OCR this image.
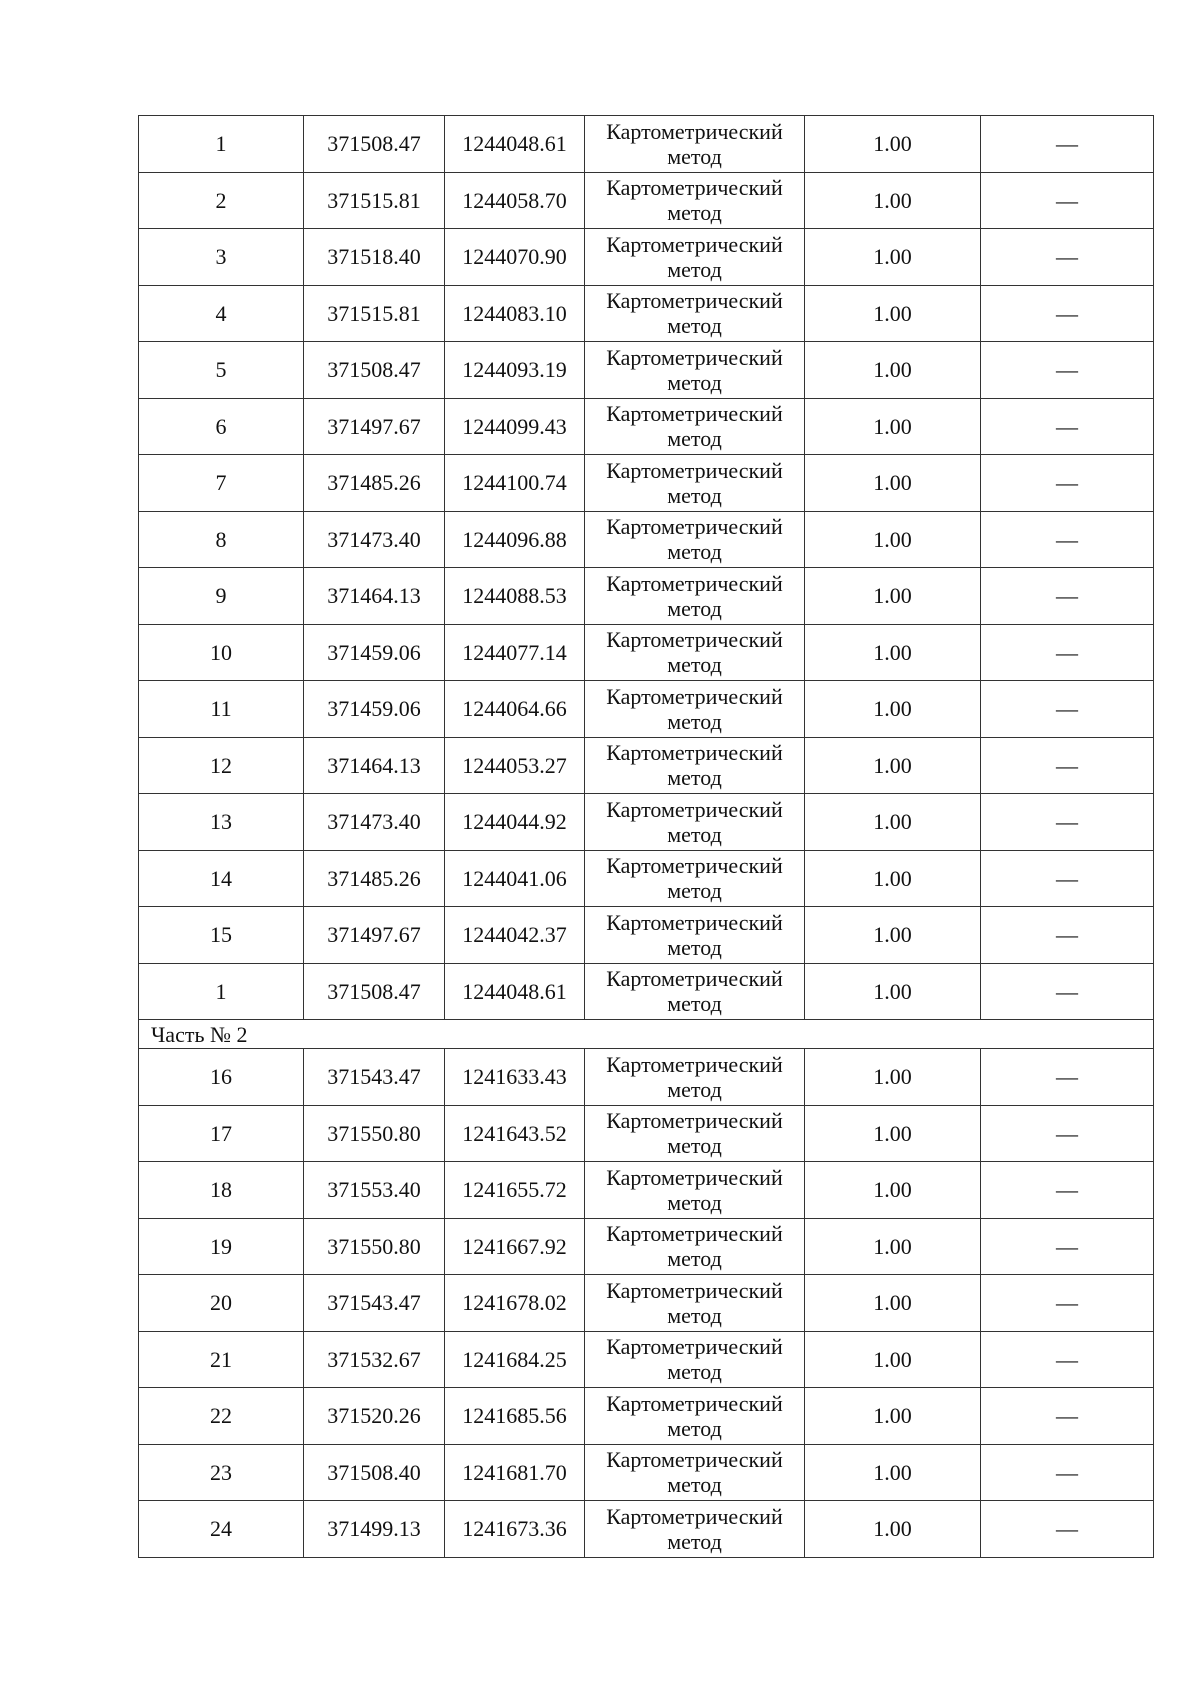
1	371508.47	1244048.61	Картометрический метод	1.00	—
2	371515.81	1244058.70	Картометрический метод	1.00	—
3	371518.40	1244070.90	Картометрический метод	1.00	—
4	371515.81	1244083.10	Картометрический метод	1.00	—
5	371508.47	1244093.19	Картометрический метод	1.00	—
6	371497.67	1244099.43	Картометрический метод	1.00	—
7	371485.26	1244100.74	Картометрический метод	1.00	—
8	371473.40	1244096.88	Картометрический метод	1.00	—
9	371464.13	1244088.53	Картометрический метод	1.00	—
10	371459.06	1244077.14	Картометрический метод	1.00	—
11	371459.06	1244064.66	Картометрический метод	1.00	—
12	371464.13	1244053.27	Картометрический метод	1.00	—
13	371473.40	1244044.92	Картометрический метод	1.00	—
14	371485.26	1244041.06	Картометрический метод	1.00	—
15	371497.67	1244042.37	Картометрический метод	1.00	—
1	371508.47	1244048.61	Картометрический метод	1.00	—
Часть № 2					
16	371543.47	1241633.43	Картометрический метод	1.00	—
17	371550.80	1241643.52	Картометрический метод	1.00	—
18	371553.40	1241655.72	Картометрический метод	1.00	—
19	371550.80	1241667.92	Картометрический метод	1.00	—
20	371543.47	1241678.02	Картометрический метод	1.00	—
21	371532.67	1241684.25	Картометрический метод	1.00	—
22	371520.26	1241685.56	Картометрический метод	1.00	—
23	371508.40	1241681.70	Картометрический метод	1.00	—
24	371499.13	1241673.36	Картометрический метод	1.00	—
